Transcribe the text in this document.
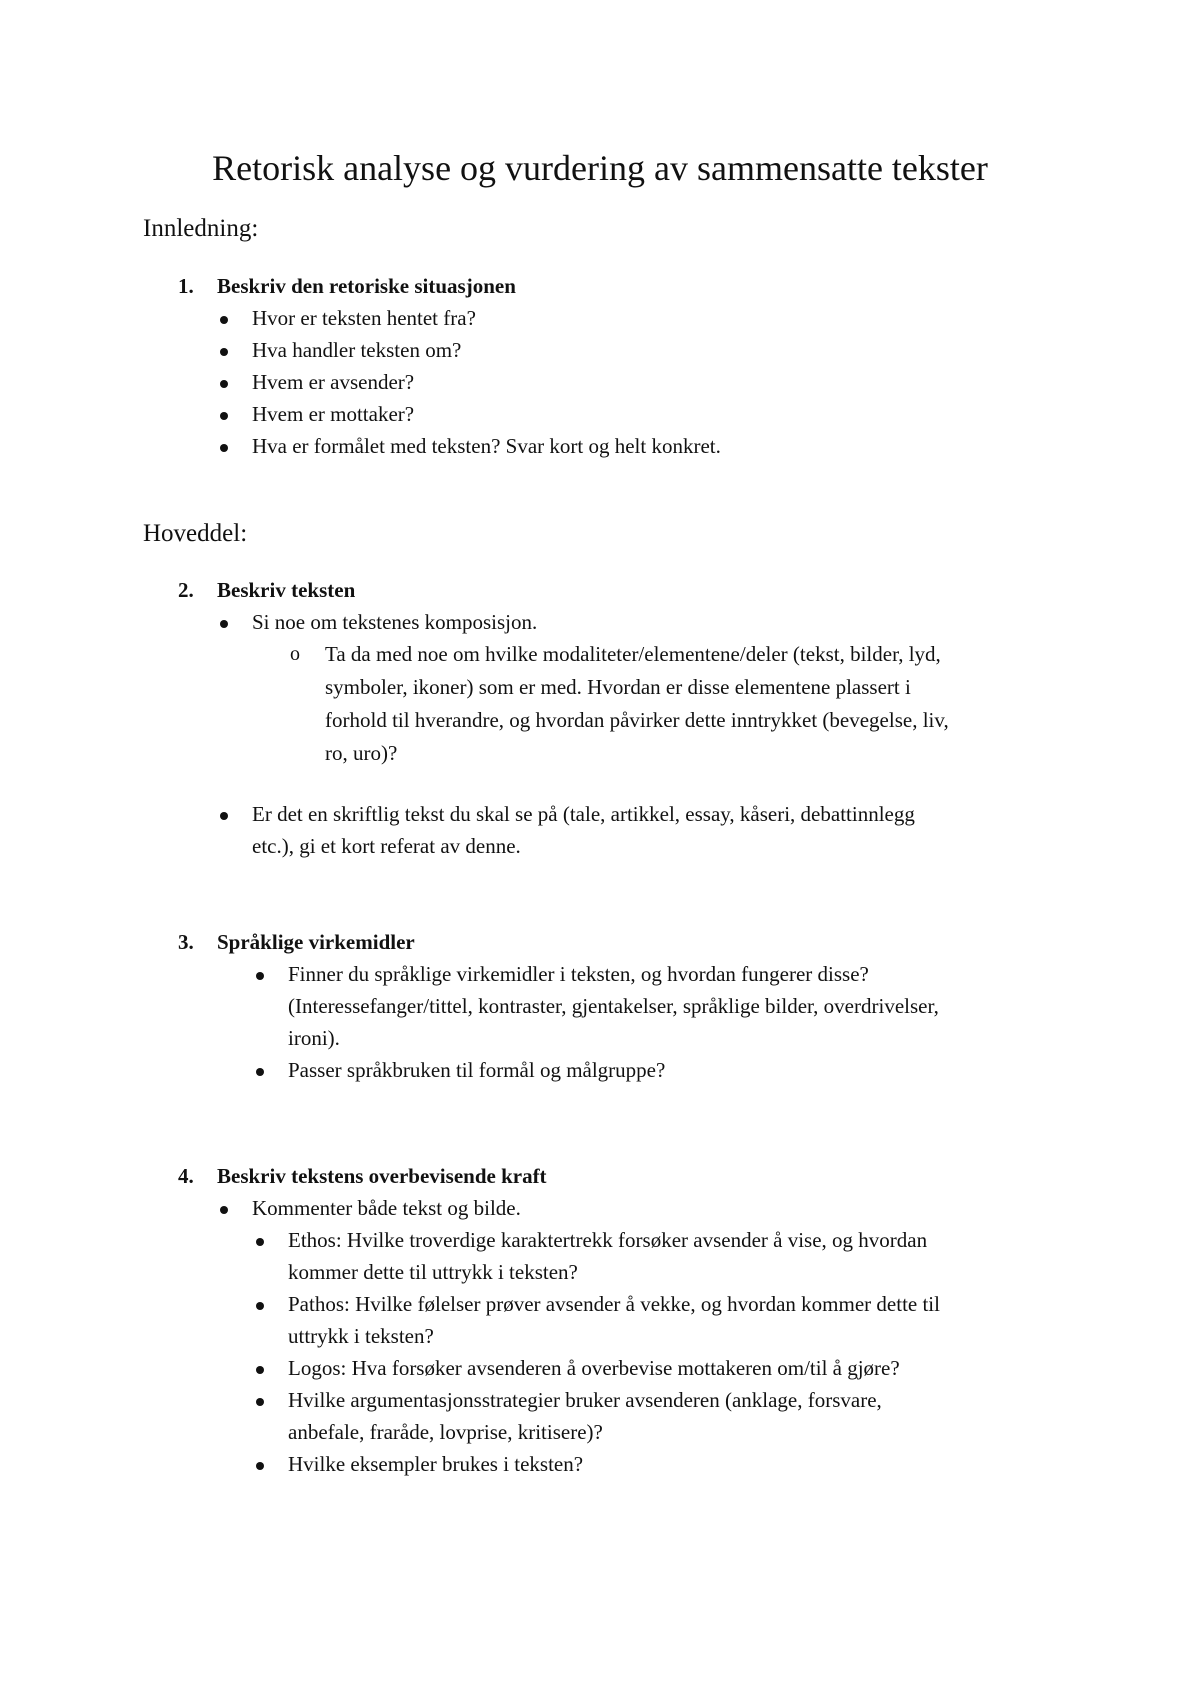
Retorisk analyse og vurdering av sammensatte tekster
Innledning:
1. Beskriv den retoriske situasjonen
Hvor er teksten hentet fra?
Hva handler teksten om?
Hvem er avsender?
Hvem er mottaker?
Hva er formålet med teksten? Svar kort og helt konkret.
Hoveddel:
2. Beskriv teksten
Si noe om tekstenes komposisjon.
o Ta da med noe om hvilke modaliteter/elementene/deler (tekst, bilder, lyd,
symboler, ikoner) som er med. Hvordan er disse elementene plassert i
forhold til hverandre, og hvordan påvirker dette inntrykket (bevegelse, liv,
ro, uro)?
Er det en skriftlig tekst du skal se på (tale, artikkel, essay, kåseri, debattinnlegg
etc.), gi et kort referat av denne.
3. Språklige virkemidler
Finner du språklige virkemidler i teksten, og hvordan fungerer disse?
(Interessefanger/tittel, kontraster, gjentakelser, språklige bilder, overdrivelser,
ironi).
Passer språkbruken til formål og målgruppe?
4. Beskriv tekstens overbevisende kraft
Kommenter både tekst og bilde.
Ethos: Hvilke troverdige karaktertrekk forsøker avsender å vise, og hvordan
kommer dette til uttrykk i teksten?
Pathos: Hvilke følelser prøver avsender å vekke, og hvordan kommer dette til
uttrykk i teksten?
Logos: Hva forsøker avsenderen å overbevise mottakeren om/til å gjøre?
Hvilke argumentasjonsstrategier bruker avsenderen (anklage, forsvare,
anbefale, fraråde, lovprise, kritisere)?
Hvilke eksempler brukes i teksten?
